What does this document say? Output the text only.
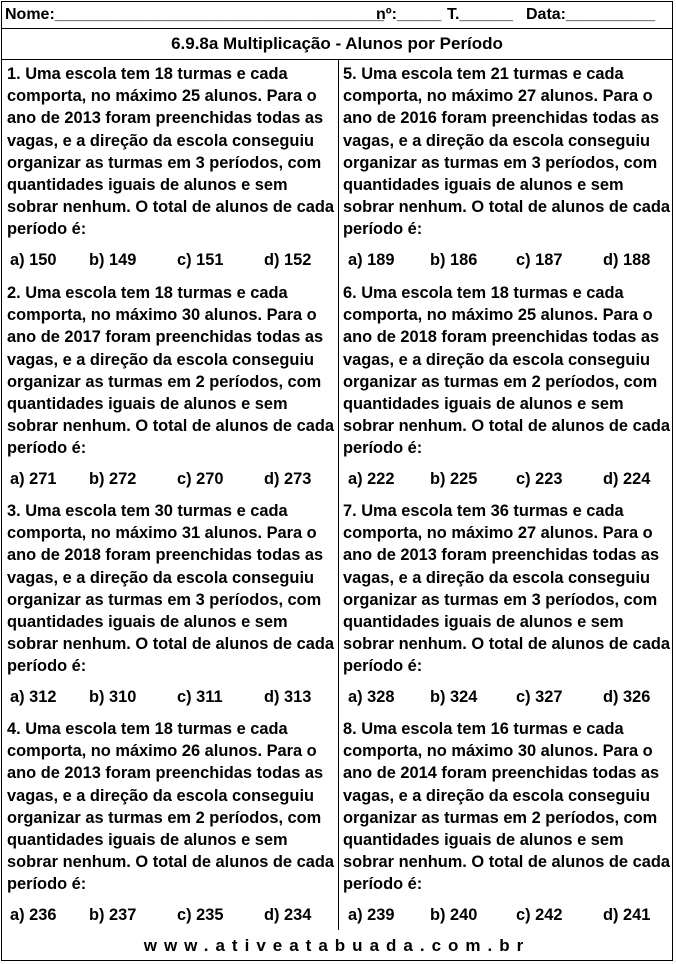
Nome:_____________________________________
nº:_____ T.______ Data:__________
6.9.8a Multiplicação - Alunos por Período
1. Uma escola tem 18 turmas e cada comporta, no máximo 25 alunos. Para o ano de 2013 foram preenchidas todas as vagas, e a direção da escola conseguiu organizar as turmas em 3 períodos, com quantidades iguais de alunos e sem sobrar nenhum. O total de alunos de cada período é:
a) 150 b) 149 c) 151 d) 152
2. Uma escola tem 18 turmas e cada comporta, no máximo 30 alunos. Para o ano de 2017 foram preenchidas todas as vagas, e a direção da escola conseguiu organizar as turmas em 2 períodos, com quantidades iguais de alunos e sem sobrar nenhum. O total de alunos de cada período é:
a) 271 b) 272 c) 270 d) 273
3. Uma escola tem 30 turmas e cada comporta, no máximo 31 alunos. Para o ano de 2018 foram preenchidas todas as vagas, e a direção da escola conseguiu organizar as turmas em 3 períodos, com quantidades iguais de alunos e sem sobrar nenhum. O total de alunos de cada período é:
a) 312 b) 310 c) 311	d) 313
4. Uma escola tem 18 turmas e cada comporta, no máximo 26 alunos. Para o ano de 2013 foram preenchidas todas as vagas, e a direção da escola conseguiu organizar as turmas em 2 períodos, com quantidades iguais de alunos e sem sobrar nenhum. O total de alunos de cada período é:
a) 236 b) 237 c) 235 d) 234
5. Uma escola tem 21 turmas e cada comporta, no máximo 27 alunos. Para o ano de 2016 foram preenchidas todas as vagas, e a direção da escola conseguiu organizar as turmas em 3 períodos, com quantidades iguais de alunos e sem sobrar nenhum. O total de alunos de cada período é:
a) 189 b) 186 c) 187 d) 188
6. Uma escola tem 18 turmas e cada comporta, no máximo 25 alunos. Para o ano de 2018 foram preenchidas todas as vagas, e a direção da escola conseguiu organizar as turmas em 2 períodos, com quantidades iguais de alunos e sem sobrar nenhum. O total de alunos de cada período é:
a) 222 b) 225 c) 223 d) 224
7. Uma escola tem 36 turmas e cada comporta, no máximo 27 alunos. Para o ano de 2013 foram preenchidas todas as vagas, e a direção da escola conseguiu organizar as turmas em 3 períodos, com quantidades iguais de alunos e sem sobrar nenhum. O total de alunos de cada período é:
a) 328 b) 324 c) 327 d) 326
8. Uma escola tem 16 turmas e cada comporta, no máximo 30 alunos. Para o ano de 2014 foram preenchidas todas as vagas, e a direção da escola conseguiu organizar as turmas em 2 períodos, com quantidades iguais de alunos e sem sobrar nenhum. O total de alunos de cada período é:
a) 239 b) 240 c) 242 d) 241
www.ativeatabuada.com.br
